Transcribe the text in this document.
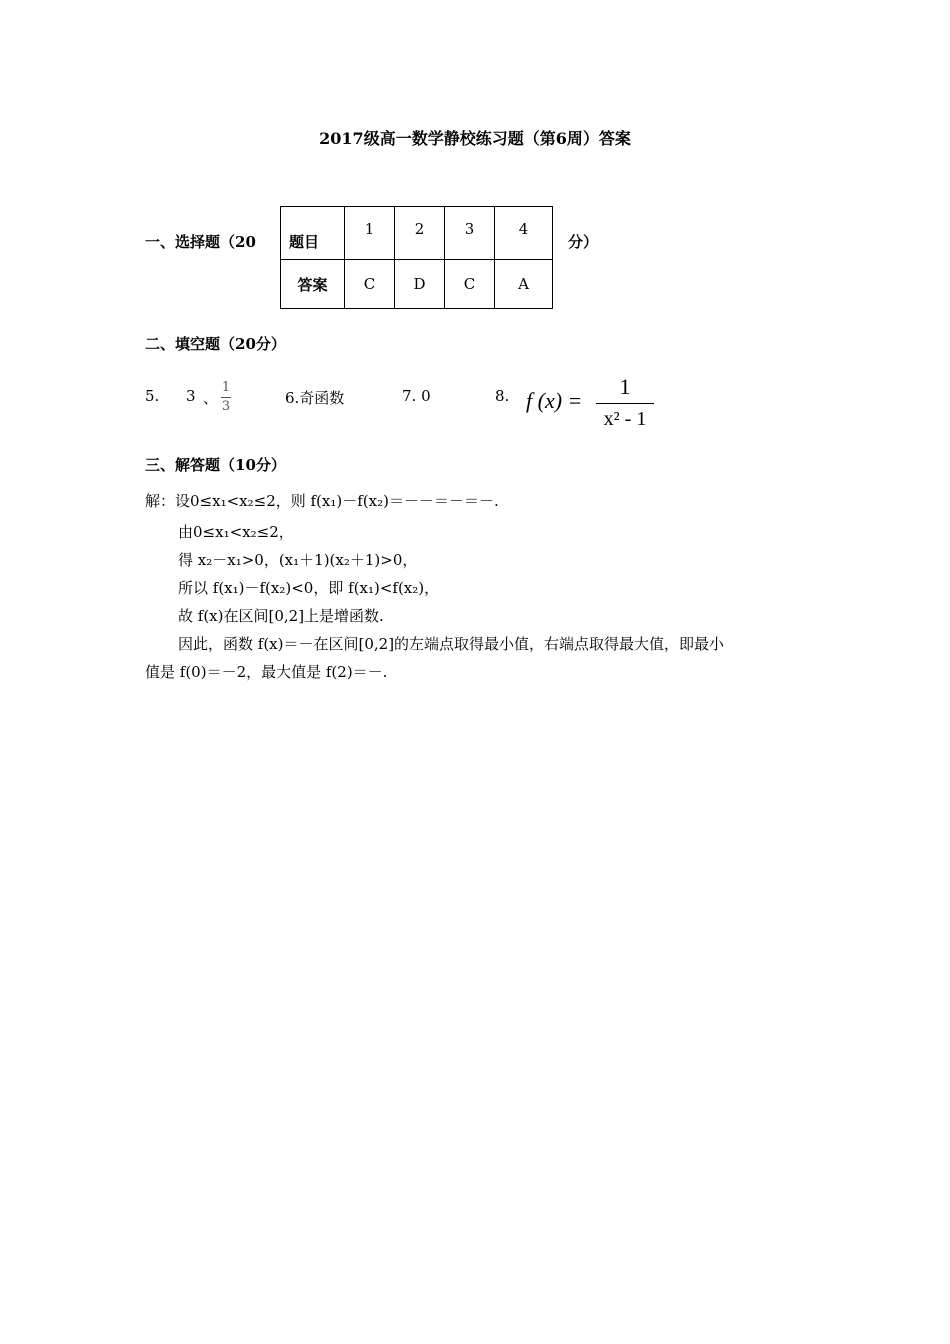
2017级高一数学静校练习题（第6周）答案
一、选择题（20 题目	1	2	3	4
答案	C	D	C	A
分）
二、填空题（20分）
5. 3 、 $\frac{1}{3}$	6.奇函数	7. 0	8. f (x) =
1
x² - 1
三、解答题（10分）
解：设0≤x₁<x₂≤2，则 f(x₁)－f(x₂)＝－－＝－＝－.
由0≤x₁<x₂≤2，
得 x₂－x₁>0，(x₁＋1)(x₂＋1)>0，
所以 f(x₁)－f(x₂)<0，即 f(x₁)<f(x₂)，
故 f(x)在区间[0,2]上是增函数.
因此，函数 f(x)＝－在区间[0,2]的左端点取得最小值，右端点取得最大值，即最小
值是 f(0)＝－2，最大值是 f(2)＝－.
